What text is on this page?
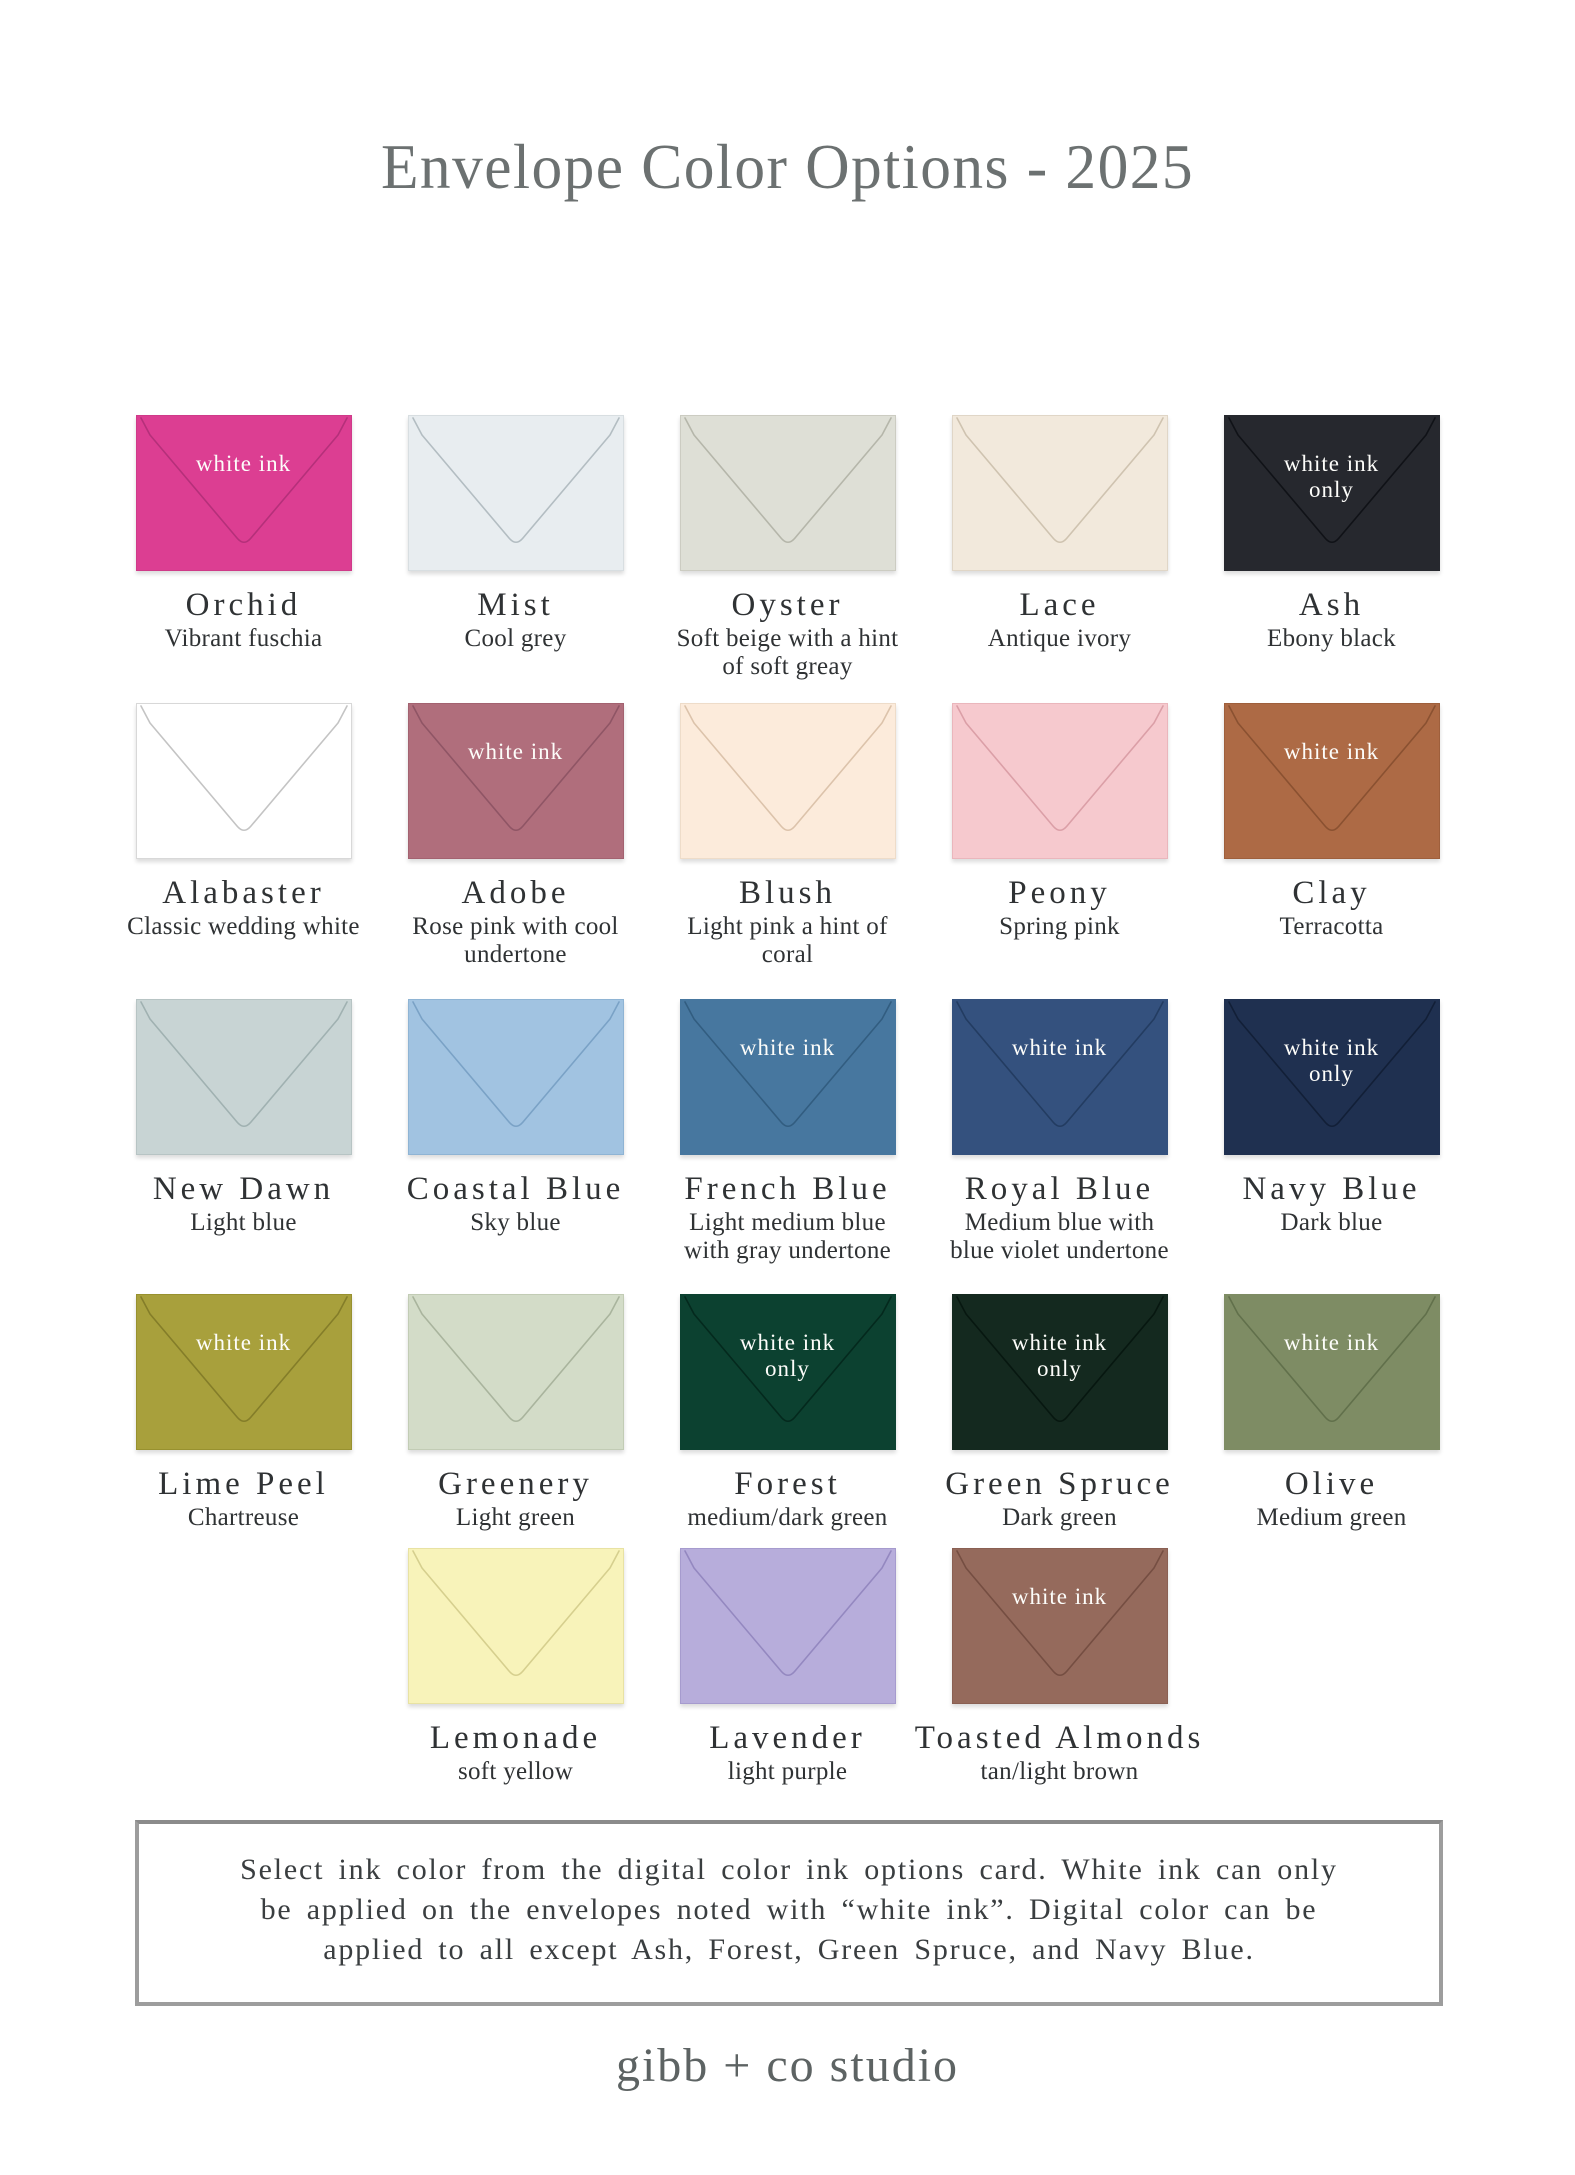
Envelope Color Options - 2025
white ink
Orchid
Vibrant fuschia
Mist
Cool grey
Oyster
Soft beige with a hint
of soft greay
Lace
Antique ivory
white ink
only
Ash
Ebony black
Alabaster
Classic wedding white
white ink
Adobe
Rose pink with cool
undertone
Blush
Light pink a hint of
coral
Peony
Spring pink
white ink
Clay
Terracotta
New Dawn
Light blue
Coastal Blue
Sky blue
white ink
French Blue
Light medium blue
with gray undertone
white ink
Royal Blue
Medium blue with
blue violet undertone
white ink
only
Navy Blue
Dark blue
white ink
Lime Peel
Chartreuse
Greenery
Light green
white ink
only
Forest
medium/dark green
white ink
only
Green Spruce
Dark green
white ink
Olive
Medium green
Lemonade
soft yellow
Lavender
light purple
white ink
Toasted Almonds
tan/light brown
Select ink color from the digital color ink options card. White ink can only
be applied on the envelopes noted with “white ink”. Digital color can be
applied to all except Ash, Forest, Green Spruce, and Navy Blue.
gibb + co studio
